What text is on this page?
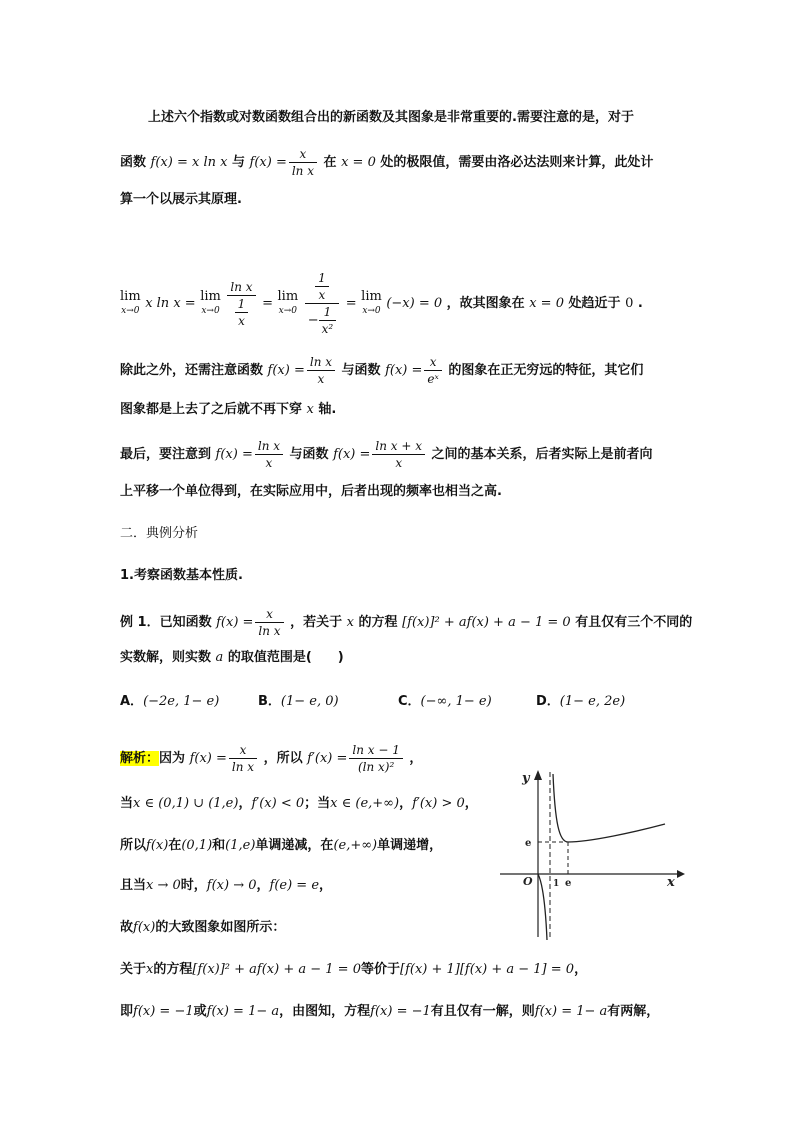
上述六个指数或对数函数组合出的新函数及其图象是非常重要的.需要注意的是，对于
函数 f(x) = x ln x 与 $f(x) = \frac{x}{\text{ln x}}$ 在 x = 0 处的极限值，需要由洛必达法则来计算，此处计
算一个以展示其原理.
lim
x→0 x ln x = lim
x→0
$\frac{\text{ln x}}{\frac{1}{x}} = \lim$
x→0
$\frac{\frac{1}{x}}{- \frac{1}{\text{x²}}} = \lim$
x→0 (−x) = 0 ，故其图象在 x = 0 处趋近于 0 .
除此之外，还需注意函数 $f(x) = \frac{\text{ln x}}{x}$ 与函数 $f(x) = \frac{x}{\text{eˣ}}$ 的图象在正无穷远的特征，其它们
图象都是上去了之后就不再下穿 x 轴.
最后，要注意到 $f(x) = \frac{\text{ln x}}{x}$ 与函数 $f(x) = \frac{\text{ln x + x}}{x}$ 之间的基本关系，后者实际上是前者向
上平移一个单位得到，在实际应用中，后者出现的频率也相当之高.
二．典例分析
1.考察函数基本性质.
例 1．已知函数 $f(x) = \frac{x}{\text{ln x}}$ ，若关于 x 的方程 [f(x)]² + af(x) + a − 1 = 0 有且仅有三个不同的
实数解，则实数 a 的取值范围是(　　)
A．(−2e, 1− e)	B．(1− e, 0)	C．(−∞, 1− e)	D．(1− e, 2e)
解析：因为 $f(x) = \frac{x}{\text{ln x}}$ ，所以 $f'(x) = \frac{\text{ln x − 1}}{\text{(ln x)²}}$ ，
当x ∈ (0,1) ∪ (1,e)，f′(x) < 0；当x ∈ (e,+∞)，f′(x) > 0，
所以f(x)在(0,1)和(1,e)单调递减，在(e,+∞)单调递增，
且当x → 0时，f(x) → 0，f(e) = e，
故f(x)的大致图象如图所示：
关于x的方程[f(x)]² + af(x) + a − 1 = 0等价于[f(x) + 1][f(x) + a − 1] = 0，
即f(x) = −1或f(x) = 1− a，由图知，方程f(x) = −1有且仅有一解，则f(x) = 1− a有两解，
y
x
O 1 e
e
